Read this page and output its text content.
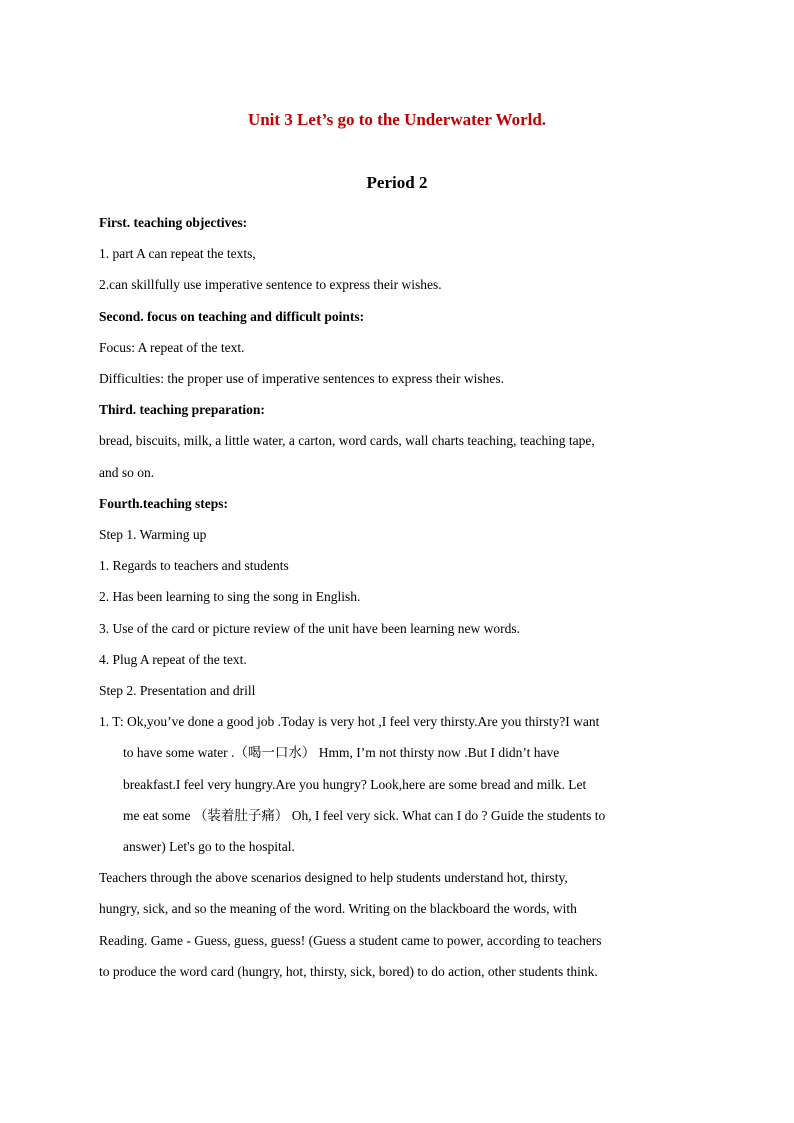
Unit 3 Let’s go to the Underwater World.
Period 2

First. teaching objectives:

1. part A can repeat the texts,

2.can skillfully use imperative sentence to express their wishes.

Second. focus on teaching and difficult points:

Focus: A repeat of the text.

Difficulties: the proper use of imperative sentences to express their wishes.

Third. teaching preparation:

bread, biscuits, milk, a little water, a carton, word cards, wall charts teaching, teaching tape,

and so on.

Fourth.teaching steps:

Step 1. Warming up

1. Regards to teachers and students

2. Has been learning to sing the song in English.

3. Use of the card or picture review of the unit have been learning new words.

4. Plug A repeat of the text.

Step 2. Presentation and drill

1. T: Ok,you’ve done a good job .Today is very hot ,I feel very thirsty.Are you thirsty?I want

to have some water .（喝一口水） Hmm, I’m not thirsty now .But I didn’t have

breakfast.I feel very hungry.Are you hungry? Look,here are some bread and milk. Let

me eat some （装着肚子痛） Oh, I feel very sick. What can I do ? Guide the students to

answer) Let's go to the hospital.

Teachers through the above scenarios designed to help students understand hot, thirsty,

hungry, sick, and so the meaning of the word. Writing on the blackboard the words, with

Reading. Game - Guess, guess, guess! (Guess a student came to power, according to teachers

to produce the word card (hungry, hot, thirsty, sick, bored) to do action, other students think.
